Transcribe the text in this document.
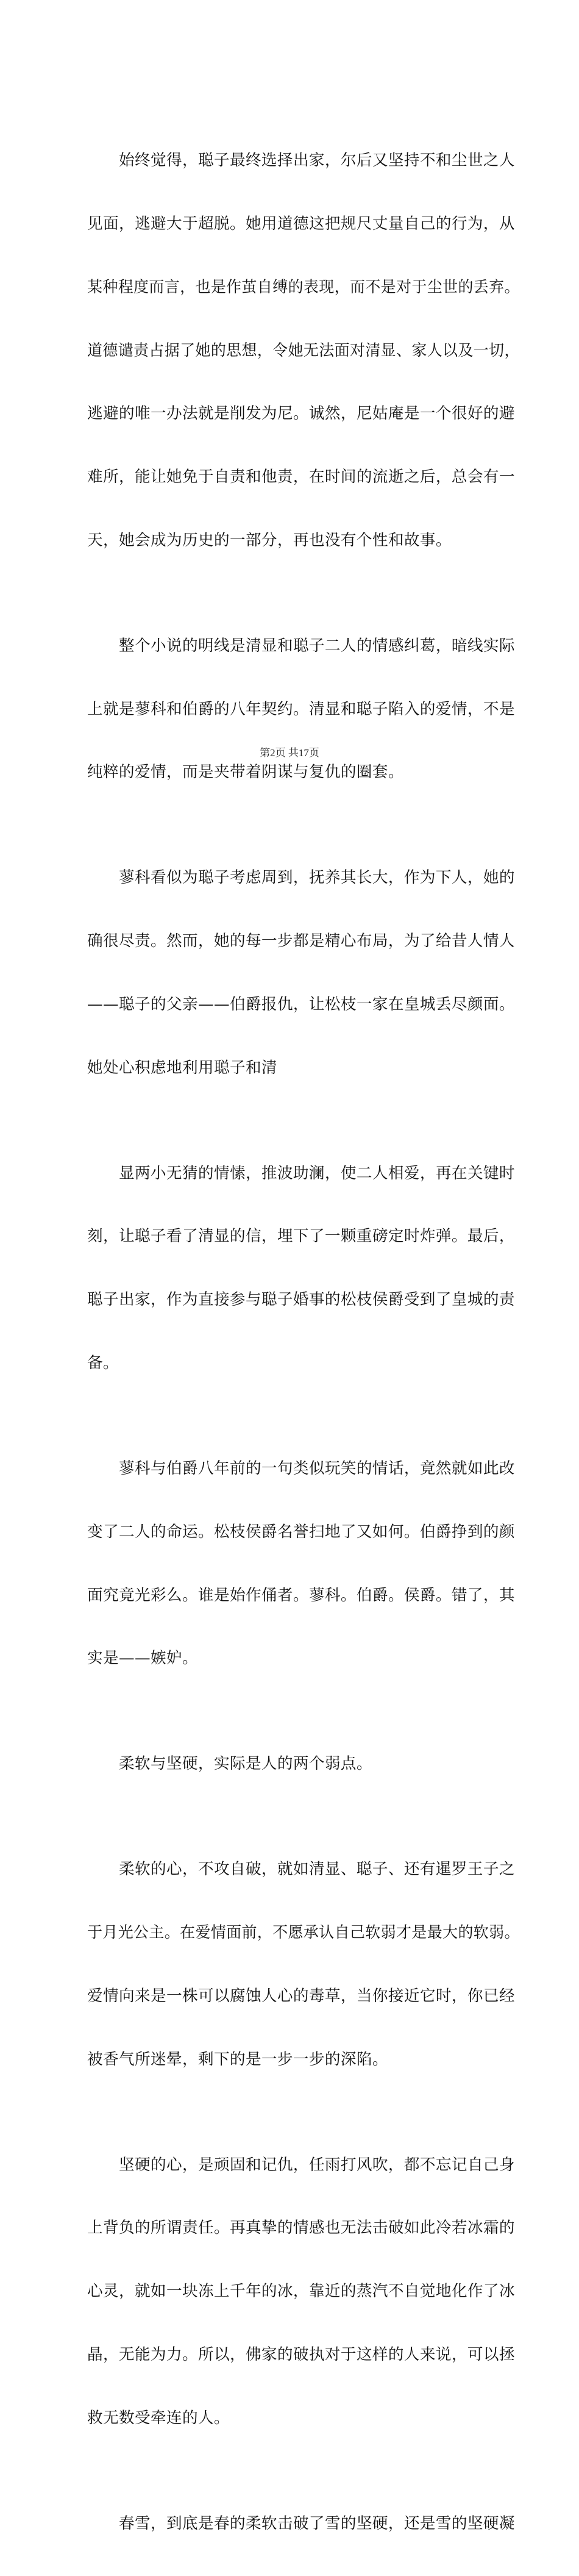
　　始终觉得，聪子最终选择出家，尔后又坚持不和尘世之人

见面，逃避大于超脱。她用道德这把规尺丈量自己的行为，从

某种程度而言，也是作茧自缚的表现，而不是对于尘世的丢弃。

道德谴责占据了她的思想，令她无法面对清显、家人以及一切，

逃避的唯一办法就是削发为尼。诚然，尼姑庵是一个很好的避

难所，能让她免于自责和他责，在时间的流逝之后，总会有一

天，她会成为历史的一部分，再也没有个性和故事。

　　整个小说的明线是清显和聪子二人的情感纠葛，暗线实际

上就是蓼科和伯爵的八年契约。清显和聪子陷入的爱情，不是

纯粹的爱情，而是夹带着阴谋与复仇的圈套。

　　蓼科看似为聪子考虑周到，抚养其长大，作为下人，她的

确很尽责。然而，她的每一步都是精心布局，为了给昔人情人

——聪子的父亲——伯爵报仇，让松枝一家在皇城丢尽颜面。

她处心积虑地利用聪子和清

　　显两小无猜的情愫，推波助澜，使二人相爱，再在关键时

刻，让聪子看了清显的信，埋下了一颗重磅定时炸弹。最后，

聪子出家，作为直接参与聪子婚事的松枝侯爵受到了皇城的责

备。

　　蓼科与伯爵八年前的一句类似玩笑的情话，竟然就如此改

变了二人的命运。松枝侯爵名誉扫地了又如何。伯爵挣到的颜

面究竟光彩么。谁是始作俑者。蓼科。伯爵。侯爵。错了，其

实是——嫉妒。

　　柔软与坚硬，实际是人的两个弱点。

　　柔软的心，不攻自破，就如清显、聪子、还有暹罗王子之

于月光公主。在爱情面前，不愿承认自己软弱才是最大的软弱。

爱情向来是一株可以腐蚀人心的毒草，当你接近它时，你已经

被香气所迷晕，剩下的是一步一步的深陷。

　　坚硬的心，是顽固和记仇，任雨打风吹，都不忘记自己身

上背负的所谓责任。再真挚的情感也无法击破如此冷若冰霜的

心灵，就如一块冻上千年的冰，靠近的蒸汽不自觉地化作了冰

晶，无能为力。所以，佛家的破执对于这样的人来说，可以拯

救无数受牵连的人。

　　春雪，到底是春的柔软击破了雪的坚硬，还是雪的坚硬凝

第2页 共17页
